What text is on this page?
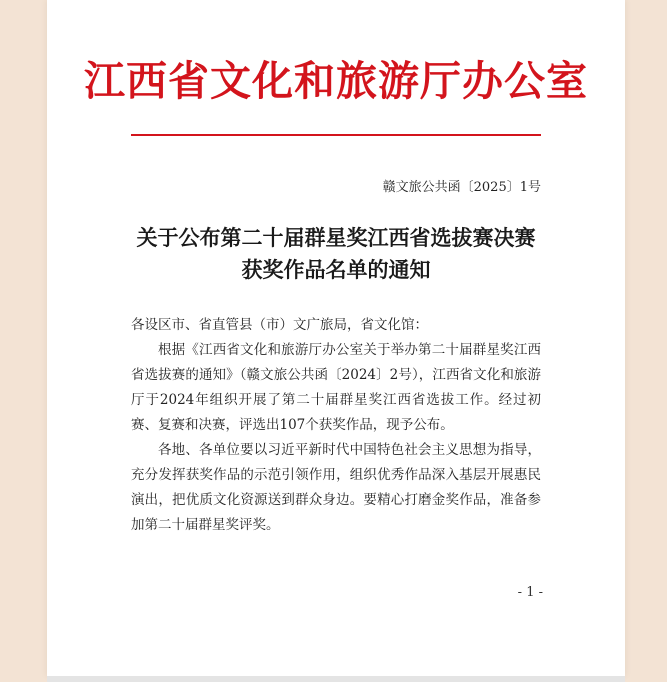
江西省文化和旅游厅办公室
赣文旅公共函〔2025〕1号
关于公布第二十届群星奖江西省选拔赛决赛
获奖作品名单的通知
各设区市、省直管县（市）文广旅局，省文化馆：
根据《江西省文化和旅游厅办公室关于举办第二十届群星奖江西省选拔赛的通知》（赣文旅公共函〔2024〕2号），江西省文化和旅游厅于2024年组织开展了第二十届群星奖江西省选拔工作。经过初赛、复赛和决赛，评选出107个获奖作品，现予公布。
各地、各单位要以习近平新时代中国特色社会主义思想为指导，充分发挥获奖作品的示范引领作用，组织优秀作品深入基层开展惠民演出，把优质文化资源送到群众身边。要精心打磨金奖作品，准备参加第二十届群星奖评奖。
- 1 -
